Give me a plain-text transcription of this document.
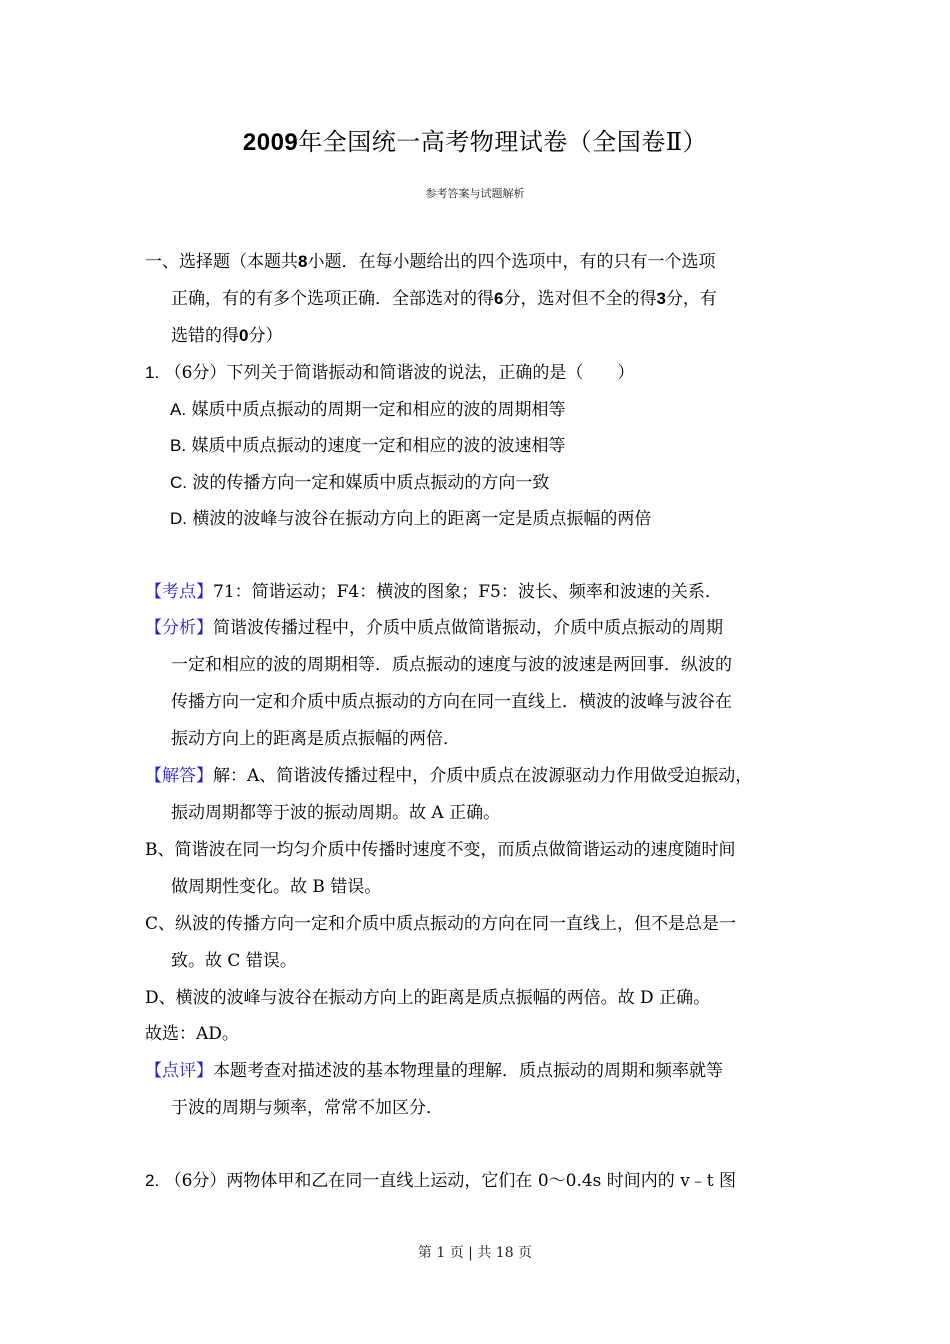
2009年全国统一高考物理试卷（全国卷Ⅱ）
参考答案与试题解析
一、选择题（本题共8小题．在每小题给出的四个选项中，有的只有一个选项
正确，有的有多个选项正确．全部选对的得6分，选对但不全的得3分，有
选错的得0分）
1. （6分）下列关于简谐振动和简谐波的说法，正确的是（　　）
A. 媒质中质点振动的周期一定和相应的波的周期相等
B. 媒质中质点振动的速度一定和相应的波的波速相等
C. 波的传播方向一定和媒质中质点振动的方向一致
D. 横波的波峰与波谷在振动方向上的距离一定是质点振幅的两倍
【考点】71：简谐运动；F4：横波的图象；F5：波长、频率和波速的关系．
【分析】简谐波传播过程中，介质中质点做简谐振动，介质中质点振动的周期
一定和相应的波的周期相等．质点振动的速度与波的波速是两回事．纵波的
传播方向一定和介质中质点振动的方向在同一直线上．横波的波峰与波谷在
振动方向上的距离是质点振幅的两倍．
【解答】解：A、简谐波传播过程中，介质中质点在波源驱动力作用做受迫振动，
振动周期都等于波的振动周期。故 A 正确。
B、简谐波在同一均匀介质中传播时速度不变，而质点做简谐运动的速度随时间
做周期性变化。故 B 错误。
C、纵波的传播方向一定和介质中质点振动的方向在同一直线上，但不是总是一
致。故 C 错误。
D、横波的波峰与波谷在振动方向上的距离是质点振幅的两倍。故 D 正确。
故选：AD。
【点评】本题考查对描述波的基本物理量的理解．质点振动的周期和频率就等
于波的周期与频率，常常不加区分．
2. （6分）两物体甲和乙在同一直线上运动，它们在 0～0.4s 时间内的 v﹣t 图
第 1 页 | 共 18 页
